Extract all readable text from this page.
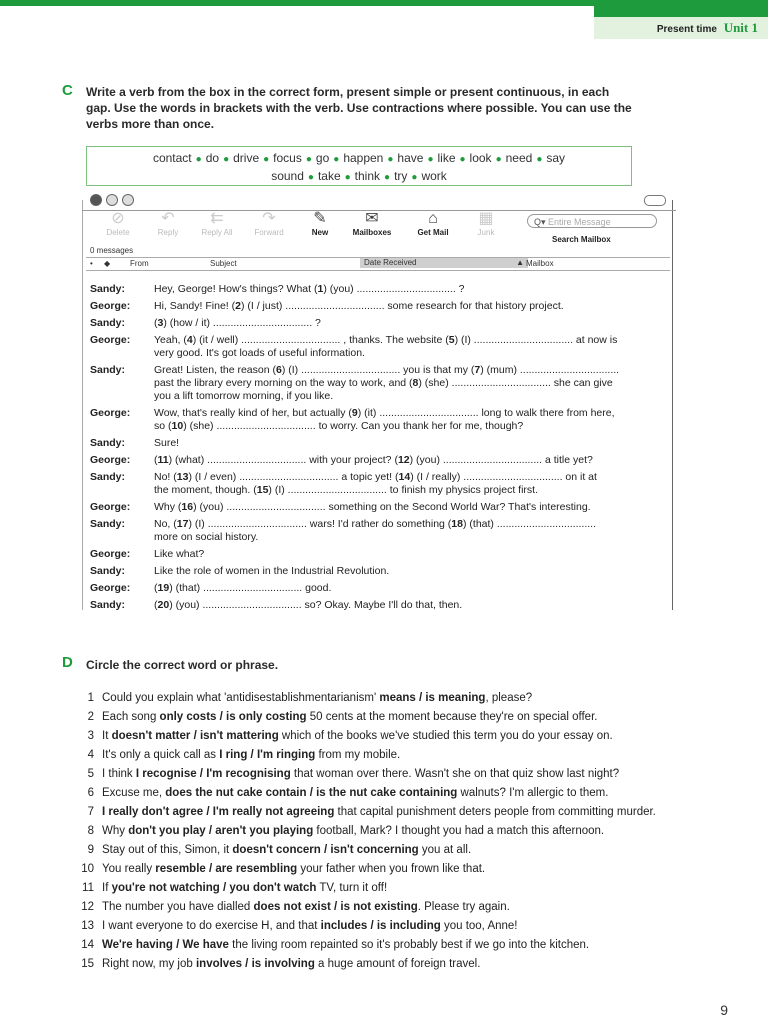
Present time Unit 1
C Write a verb from the box in the correct form, present simple or present continuous, in each
gap. Use the words in brackets with the verb. Use contractions where possible. You can use the
verbs more than once.
contact ● do ● drive ● focus ● go ● happen ● have ● like ● look ● need ● say
sound ● take ● think ● try ● work
⊘
Delete
↶
Reply
⇇
Reply All
↷
Forward
✎
New
✉
Mailboxes
⌂
Get Mail
▦
Junk
Q▾ Entire Message
Search Mailbox
0 messages
• ◆ From	Subject	Date Received	▲ Mailbox
Sandy:	Hey, George! How's things? What (1) (you) .................................. ?
George:	Hi, Sandy! Fine! (2) (I / just) .................................. some research for that history project.
Sandy:	(3) (how / it) .................................. ?
George:	Yeah, (4) (it / well) .................................. , thanks. The website (5) (I) .................................. at now is
very good. It's got loads of useful information.
Sandy:	Great! Listen, the reason (6) (I) .................................. you is that my (7) (mum) ..................................
past the library every morning on the way to work, and (8) (she) .................................. she can give
you a lift tomorrow morning, if you like.
George:	Wow, that's really kind of her, but actually (9) (it) .................................. long to walk there from here,
so (10) (she) .................................. to worry. Can you thank her for me, though?
Sandy:	Sure!
George:	(11) (what) .................................. with your project? (12) (you) .................................. a title yet?
Sandy:	No! (13) (I / even) .................................. a topic yet! (14) (I / really) .................................. on it at
the moment, though. (15) (I) .................................. to finish my physics project first.
George:	Why (16) (you) .................................. something on the Second World War? That's interesting.
Sandy:	No, (17) (I) .................................. wars! I'd rather do something (18) (that) ..................................
more on social history.
George:	Like what?
Sandy:	Like the role of women in the Industrial Revolution.
George:	(19) (that) .................................. good.
Sandy:	(20) (you) .................................. so? Okay. Maybe I'll do that, then.
D Circle the correct word or phrase.
1 Could you explain what 'antidisestablishmentarianism' means / is meaning, please?
2 Each song only costs / is only costing 50 cents at the moment because they're on special offer.
3 It doesn't matter / isn't mattering which of the books we've studied this term you do your essay on.
4 It's only a quick call as I ring / I'm ringing from my mobile.
5 I think I recognise / I'm recognising that woman over there. Wasn't she on that quiz show last night?
6 Excuse me, does the nut cake contain / is the nut cake containing walnuts? I'm allergic to them.
7 I really don't agree / I'm really not agreeing that capital punishment deters people from committing murder.
8 Why don't you play / aren't you playing football, Mark? I thought you had a match this afternoon.
9 Stay out of this, Simon, it doesn't concern / isn't concerning you at all.
10 You really resemble / are resembling your father when you frown like that.
11 If you're not watching / you don't watch TV, turn it off!
12 The number you have dialled does not exist / is not existing. Please try again.
13 I want everyone to do exercise H, and that includes / is including you too, Anne!
14 We're having / We have the living room repainted so it's probably best if we go into the kitchen.
15 Right now, my job involves / is involving a huge amount of foreign travel.
9
